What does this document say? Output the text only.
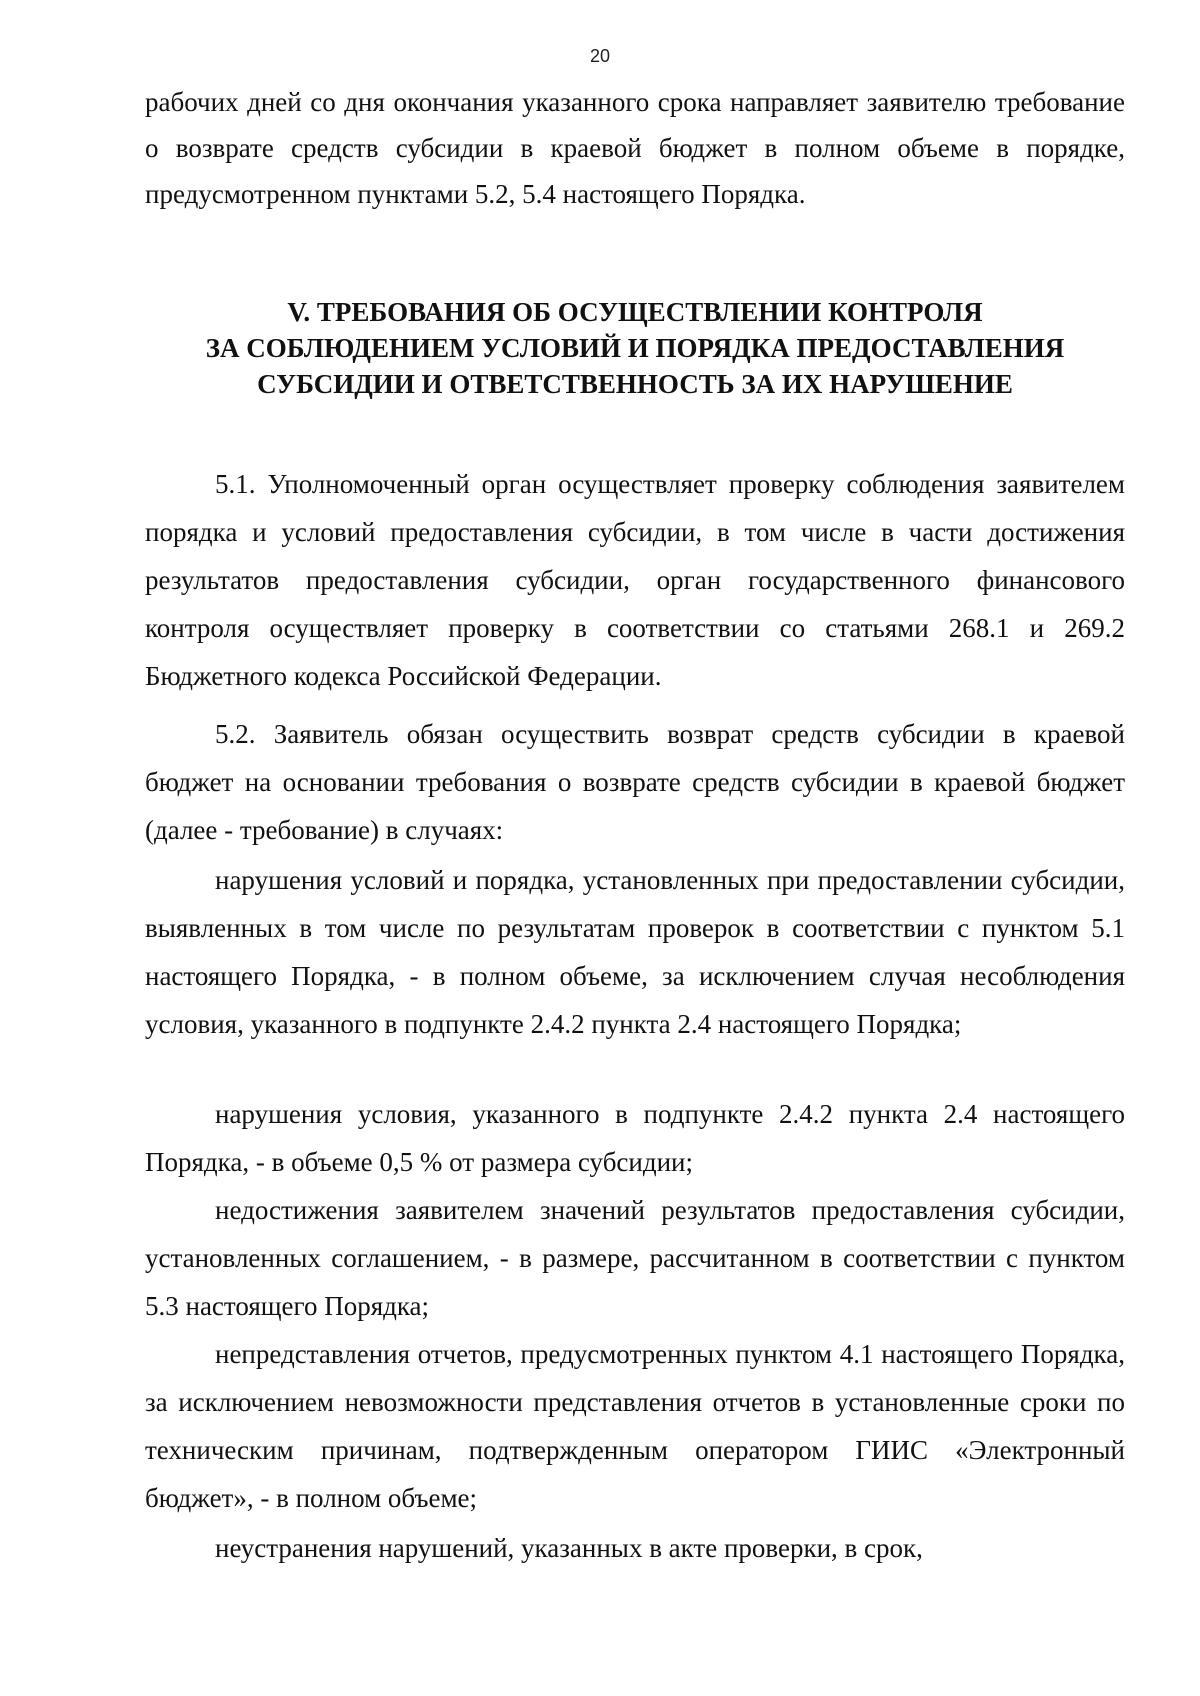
20

рабочих дней со дня окончания указанного срока направляет заявителю требование о возврате средств субсидии в краевой бюджет в полном объеме в порядке, предусмотренном пунктами 5.2, 5.4 настоящего Порядка.

V. ТРЕБОВАНИЯ ОБ ОСУЩЕСТВЛЕНИИ КОНТРОЛЯ
ЗА СОБЛЮДЕНИЕМ УСЛОВИЙ И ПОРЯДКА ПРЕДОСТАВЛЕНИЯ
СУБСИДИИ И ОТВЕТСТВЕННОСТЬ ЗА ИХ НАРУШЕНИЕ

5.1. Уполномоченный орган осуществляет проверку соблюдения заявителем порядка и условий предоставления субсидии, в том числе в части достижения результатов предоставления субсидии, орган государственного финансового контроля осуществляет проверку в соответствии со статьями 268.1 и 269.2 Бюджетного кодекса Российской Федерации.

5.2. Заявитель обязан осуществить возврат средств субсидии в краевой бюджет на основании требования о возврате средств субсидии в краевой бюджет (далее - требование) в случаях:

нарушения условий и порядка, установленных при предоставлении субсидии, выявленных в том числе по результатам проверок в соответствии с пунктом 5.1 настоящего Порядка, - в полном объеме, за исключением случая несоблюдения условия, указанного в подпункте 2.4.2 пункта 2.4 настоящего Порядка;

нарушения условия, указанного в подпункте 2.4.2 пункта 2.4 настоящего Порядка, - в объеме 0,5 % от размера субсидии;

недостижения заявителем значений результатов предоставления субсидии, установленных соглашением, - в размере, рассчитанном в соответствии с пунктом 5.3 настоящего Порядка;

непредставления отчетов, предусмотренных пунктом 4.1 настоящего Порядка, за исключением невозможности представления отчетов в установленные сроки по техническим причинам, подтвержденным оператором ГИИС «Электронный бюджет», - в полном объеме;

неустранения нарушений, указанных в акте проверки, в срок,
